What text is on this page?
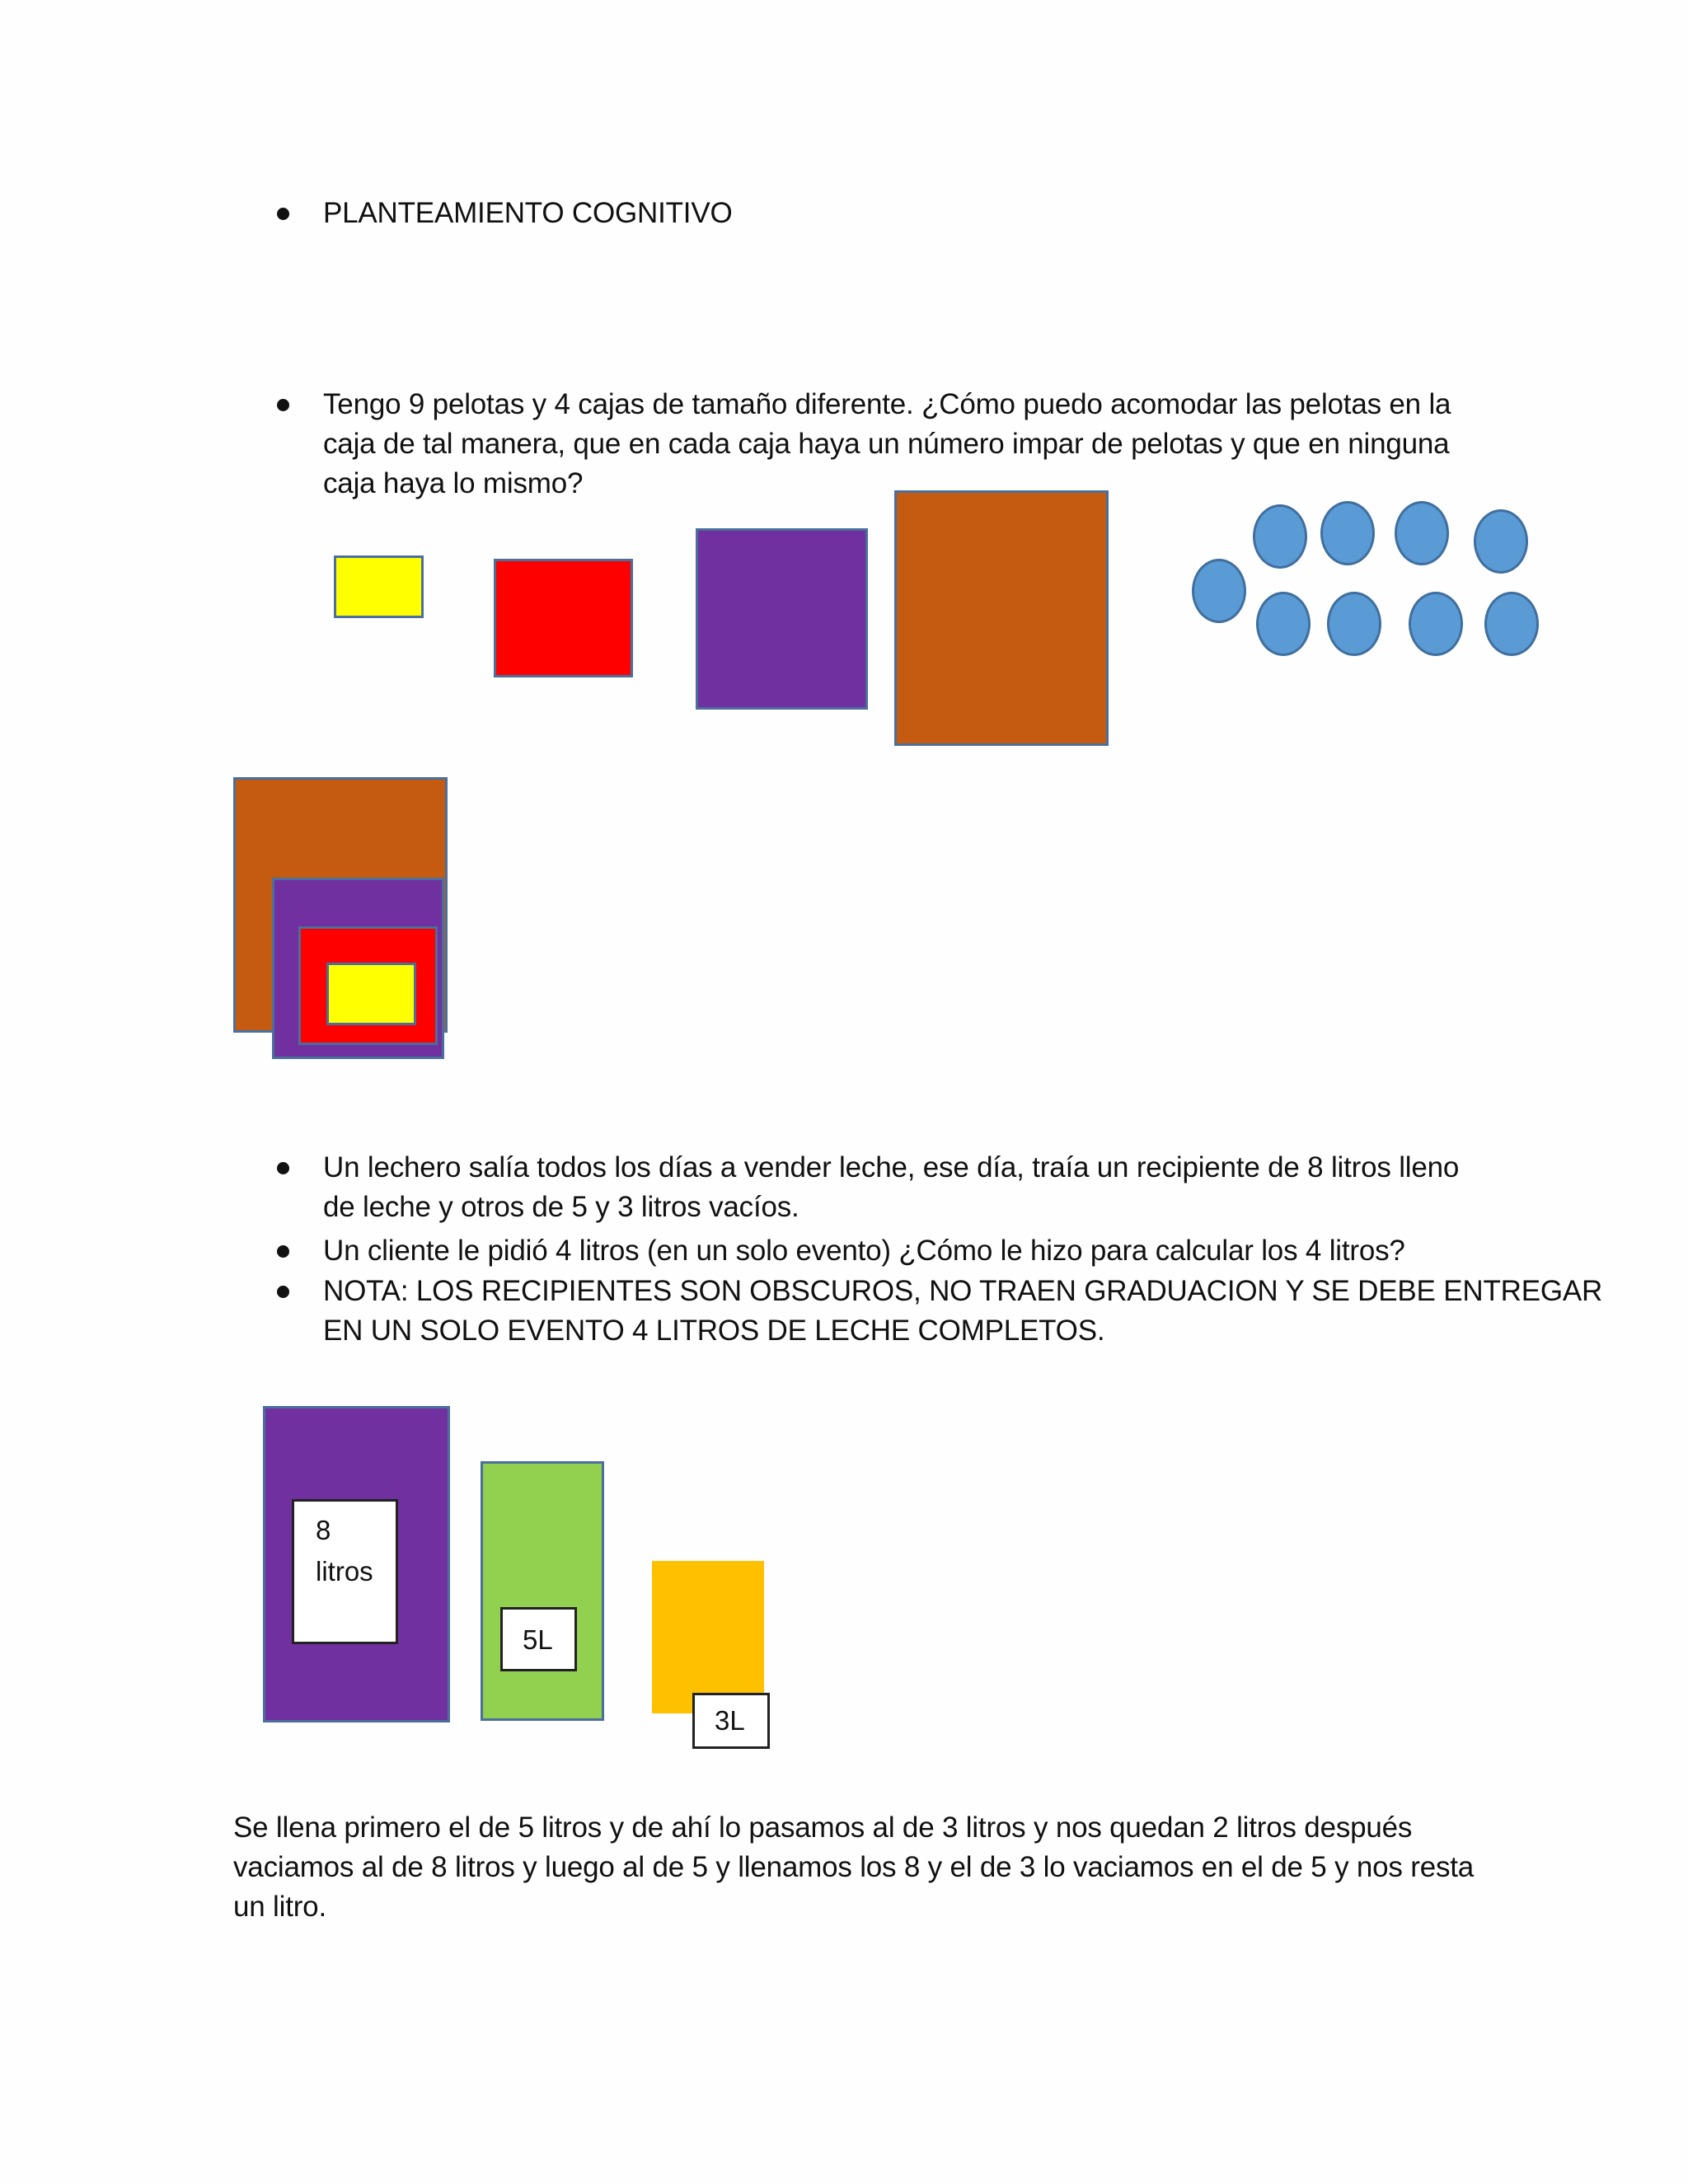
PLANTEAMIENTO COGNITIVO
Tengo 9 pelotas y 4 cajas de tamaño diferente. ¿Cómo puedo acomodar las pelotas en la
caja de tal manera, que en cada caja haya un número impar de pelotas y que en ninguna
caja haya lo mismo?
Un lechero salía todos los días a vender leche, ese día, traía un recipiente de 8 litros lleno
de leche y otros de 5 y 3 litros vacíos.
Un cliente le pidió 4 litros (en un solo evento) ¿Cómo le hizo para calcular los 4 litros?
NOTA: LOS RECIPIENTES SON OBSCUROS, NO TRAEN GRADUACION Y SE DEBE ENTREGAR
EN UN SOLO EVENTO 4 LITROS DE LECHE COMPLETOS.
8
litros
5L
3L
Se llena primero el de 5 litros y de ahí lo pasamos al de 3 litros y nos quedan 2 litros después
vaciamos al de 8 litros y luego al de 5 y llenamos los 8 y el de 3 lo vaciamos en el de 5 y nos resta
un litro.
